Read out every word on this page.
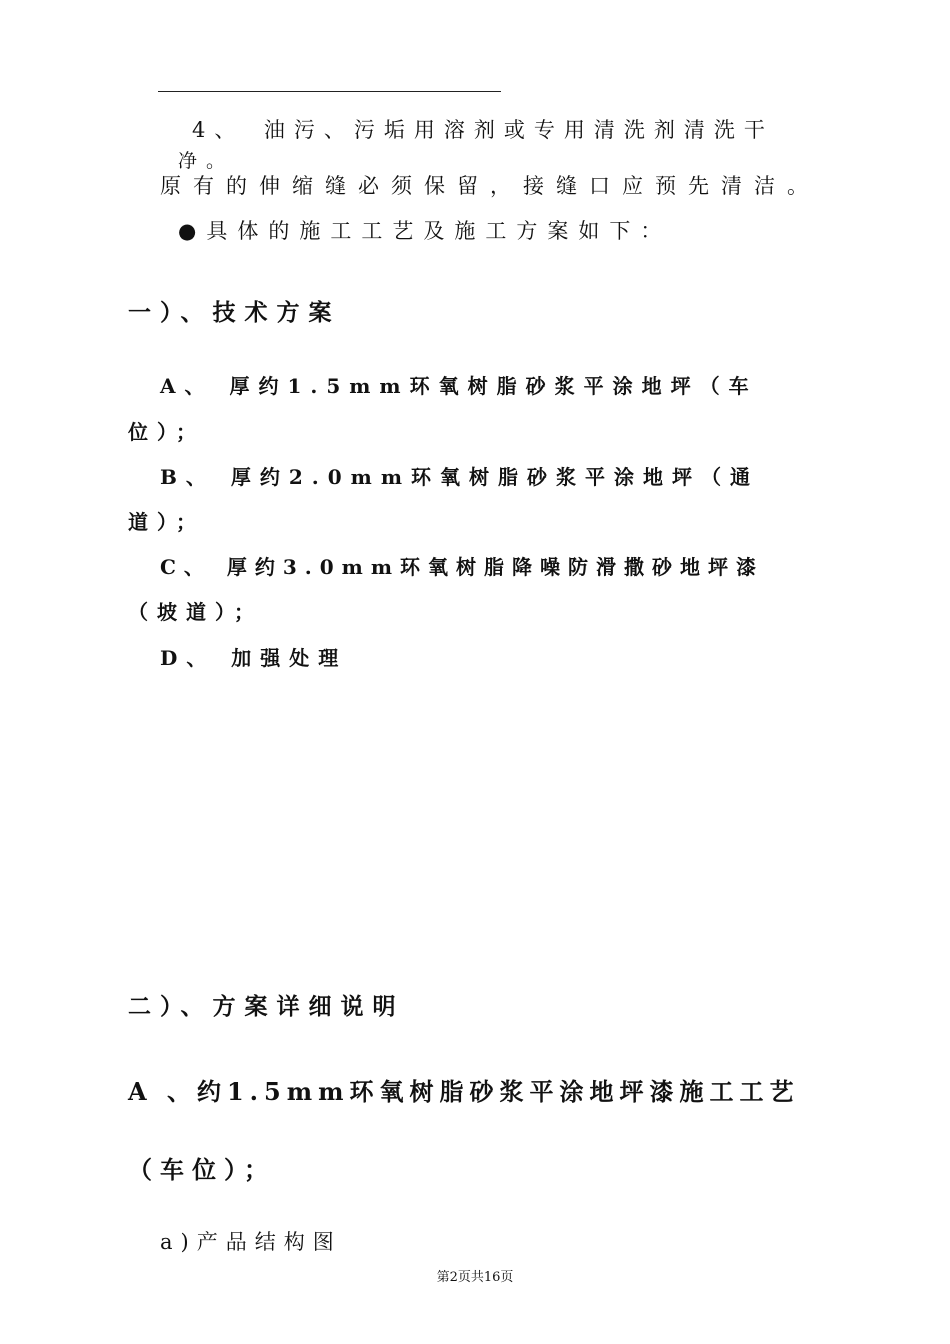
4、　油污、污垢用溶剂或专用清洗剂清洗干
净。
原有的伸缩缝必须保留，接缝口应预先清洁。
●具体的施工工艺及施工方案如下：
一）、技术方案
A、 厚约1.5mm环氧树脂砂浆平涂地坪（车
位）；
B、 厚约2.0mm环氧树脂砂浆平涂地坪（通
道）；
C、 厚约3.0mm环氧树脂降噪防滑撒砂地坪漆
（坡道）；
D、 加强处理
二）、方案详细说明
A 、约1.5mm环氧树脂砂浆平涂地坪漆施工工艺
（车位）；
a)产品结构图
第2页共16页
